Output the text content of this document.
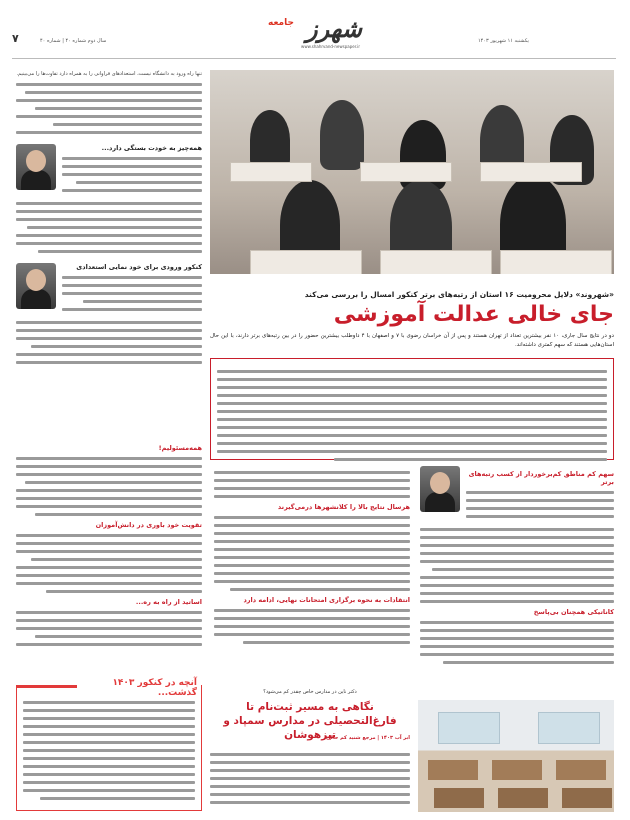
یکشنبه ۱۱ شهریور ۱۴۰۳
سال دوم شماره ۴۰ | شماره ۴۰
۷
جامعه شهرز
www.shahrvand-newspaper.ir
تنها راه ورود به دانشگاه نیست، استعدادهای فراوانی را به همراه دارد تفاوت‌ها را می‌بینیم.
همه‌چیز به خودت بستگی دارد...
کنکور ورودی برای خود نمایی استعدادی
همه‌مسئولیم!
تقویت خود باوری در دانش‌آموزان
اساتید از راه به ره...
«شهروند» دلایل محرومیت ۱۶ استان از رتبه‌های برتر کنکور امسال را بررسی می‌کند
جای خالی عدالت آموزشی
دو در نتایج سال جاری، ۱۰ نفر بیشترین تعداد از تهران هستند و پس از آن خراسان رضوی با ۷ و اصفهان با ۴ داوطلب بیشترین حضور را در بین رتبه‌های برتر دارند، با این حال استان‌هایی هستند که سهم کمتری داشته‌اند.
سهم کم مناطق کم‌برخوردار از کسب رتبه‌های برتر
کاناتیکی همچنان بی‌پاسخ
هرسال نتایج بالا را کلانشهرها درمی‌گیرند
انتقادات به نحوه برگزاری امتحانات نهایی، ادامه دارد
آنچه در کنکور ۱۴۰۳ گذشت...	دکتر ناین در مدارس خاص چقدر کم می‌شود؟
نگاهی به مسیر ثبت‌نام تا فارغ‌التحصیلی در مدارس سمپاد و تیزهوشان
ابر آب ۱۴۰۳ | مرجع شنید کم حالی
